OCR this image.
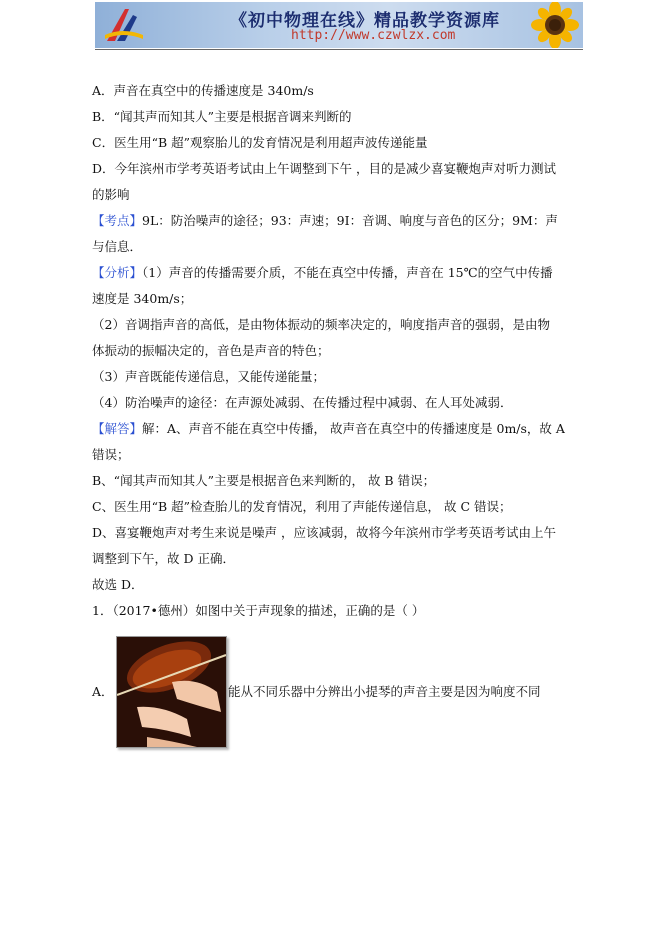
《初中物理在线》精品教学资源库
http://www.czwlzx.com
A．声音在真空中的传播速度是 340m/s
B．“闻其声而知其人”主要是根据音调来判断的
C．医生用“B 超”观察胎儿的发育情况是利用超声波传递能量
D．今年滨州市学考英语考试由上午调整到下午 ，目的是减少喜宴鞭炮声对听力测试
的影响
【考点】9L：防治噪声的途径；93：声速；9I：音调、响度与音色的区分；9M：声
与信息．
【分析】（1）声音的传播需要介质，不能在真空中传播，声音在 15℃的空气中传播
速度是 340m/s；
（2）音调指声音的高低，是由物体振动的频率决定的，响度指声音的强弱，是由物
体振动的振幅决定的，音色是声音的特色；
（3）声音既能传递信息，又能传递能量；
（4）防治噪声的途径：在声源处减弱、在传播过程中减弱、在人耳处减弱．
【解答】解：A、声音不能在真空中传播， 故声音在真空中的传播速度是 0m/s，故 A
错误；
B、“闻其声而知其人”主要是根据音色来判断的， 故 B 错误；
C、医生用“B 超”检查胎儿的发育情况，利用了声能传递信息， 故 C 错误；
D、喜宴鞭炮声对考生来说是噪声 ，应该减弱，故将今年滨州市学考英语考试由上午
调整到下午，故 D 正确．
故选 D．
1．（2017•德州）如图中关于声现象的描述，正确的是（ ）
A．	能从不同乐器中分辨出小提琴的声音主要是因为响度不同
